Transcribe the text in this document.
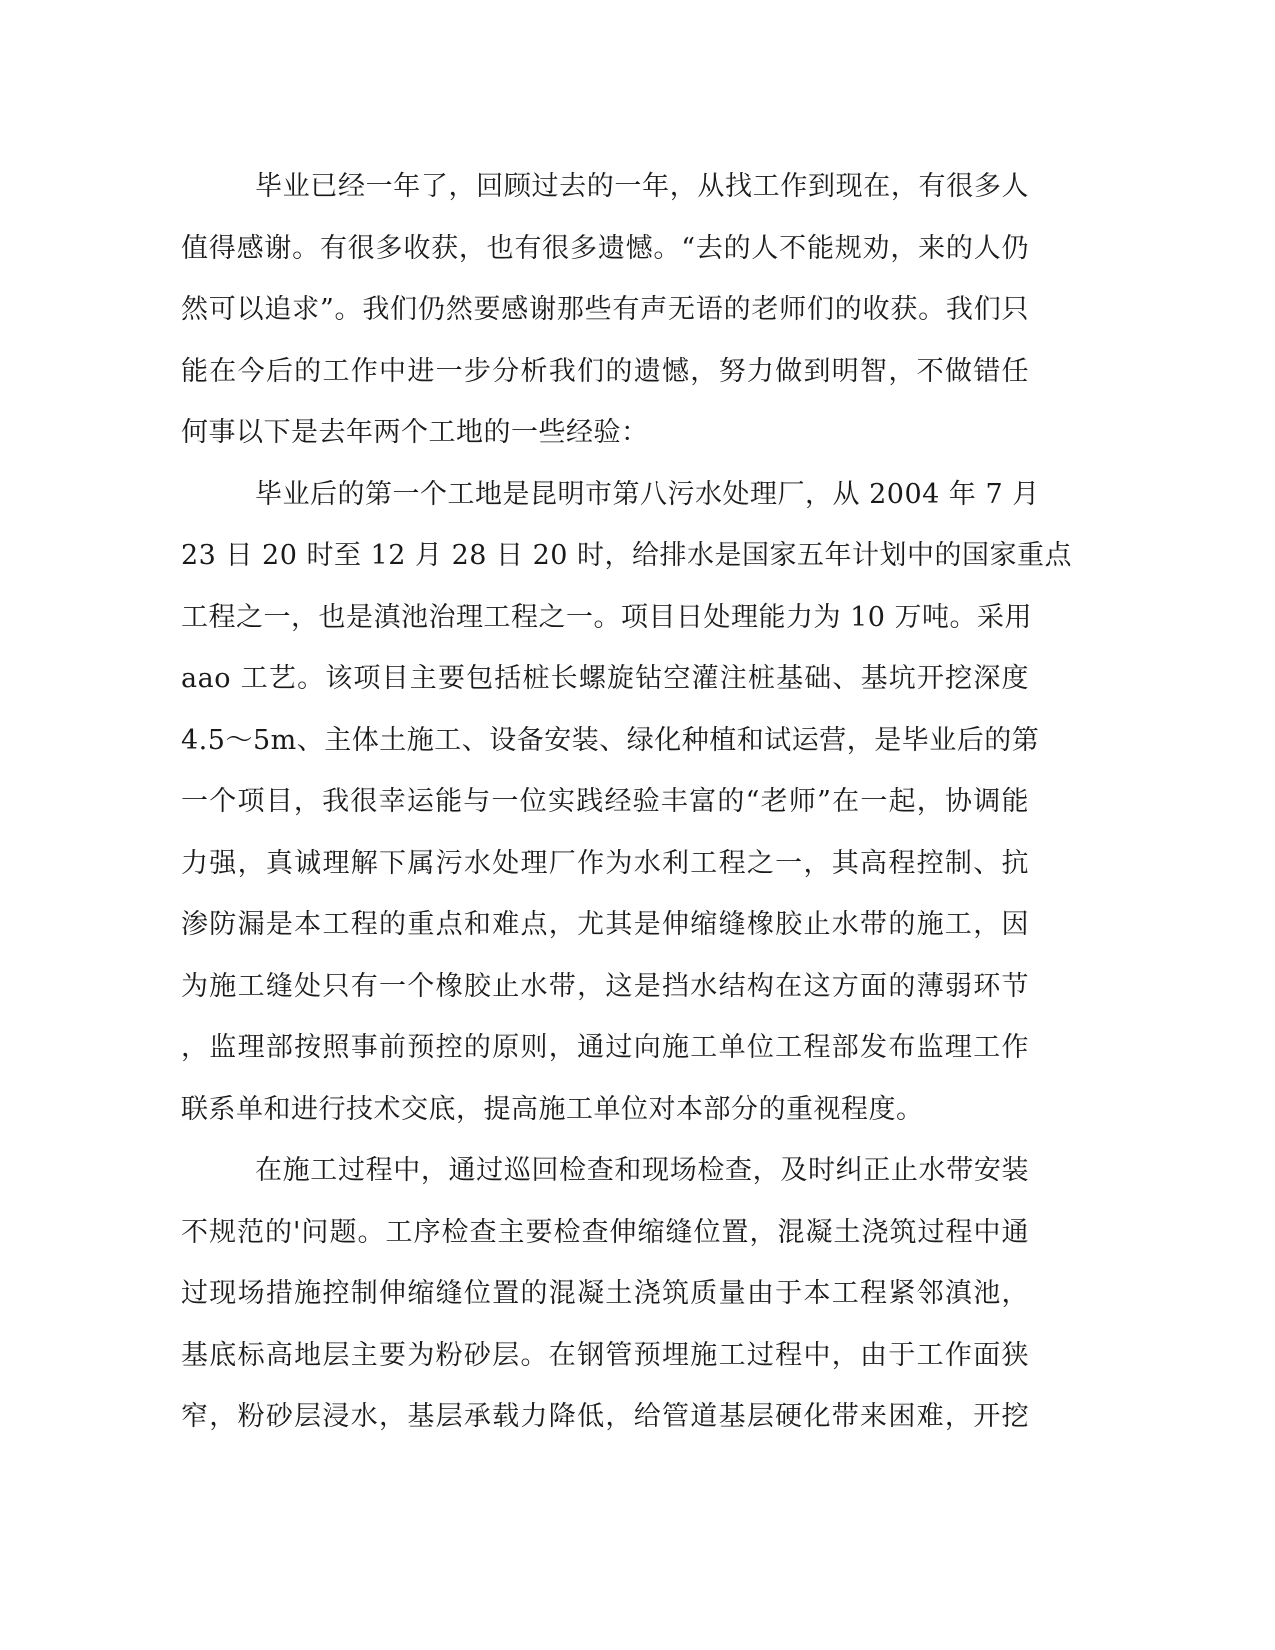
毕业已经一年了，回顾过去的一年，从找工作到现在，有很多人
值得感谢。有很多收获，也有很多遗憾。“去的人不能规劝，来的人仍
然可以追求”。我们仍然要感谢那些有声无语的老师们的收获。我们只
能在今后的工作中进一步分析我们的遗憾，努力做到明智，不做错任
何事以下是去年两个工地的一些经验：
毕业后的第一个工地是昆明市第八污水处理厂，从 2004 年 7 月
23 日 20 时至 12 月 28 日 20 时，给排水是国家五年计划中的国家重点
工程之一，也是滇池治理工程之一。项目日处理能力为 10 万吨。采用
aao 工艺。该项目主要包括桩长螺旋钻空灌注桩基础、基坑开挖深度
4.5～5m、主体土施工、设备安装、绿化种植和试运营，是毕业后的第
一个项目，我很幸运能与一位实践经验丰富的“老师”在一起，协调能
力强，真诚理解下属污水处理厂作为水利工程之一，其高程控制、抗
渗防漏是本工程的重点和难点，尤其是伸缩缝橡胶止水带的施工，因
为施工缝处只有一个橡胶止水带，这是挡水结构在这方面的薄弱环节
，监理部按照事前预控的原则，通过向施工单位工程部发布监理工作
联系单和进行技术交底，提高施工单位对本部分的重视程度。
在施工过程中，通过巡回检查和现场检查，及时纠正止水带安装
不规范的'问题。工序检查主要检查伸缩缝位置，混凝土浇筑过程中通
过现场措施控制伸缩缝位置的混凝土浇筑质量由于本工程紧邻滇池，
基底标高地层主要为粉砂层。在钢管预埋施工过程中，由于工作面狭
窄，粉砂层浸水，基层承载力降低，给管道基层硬化带来困难，开挖
